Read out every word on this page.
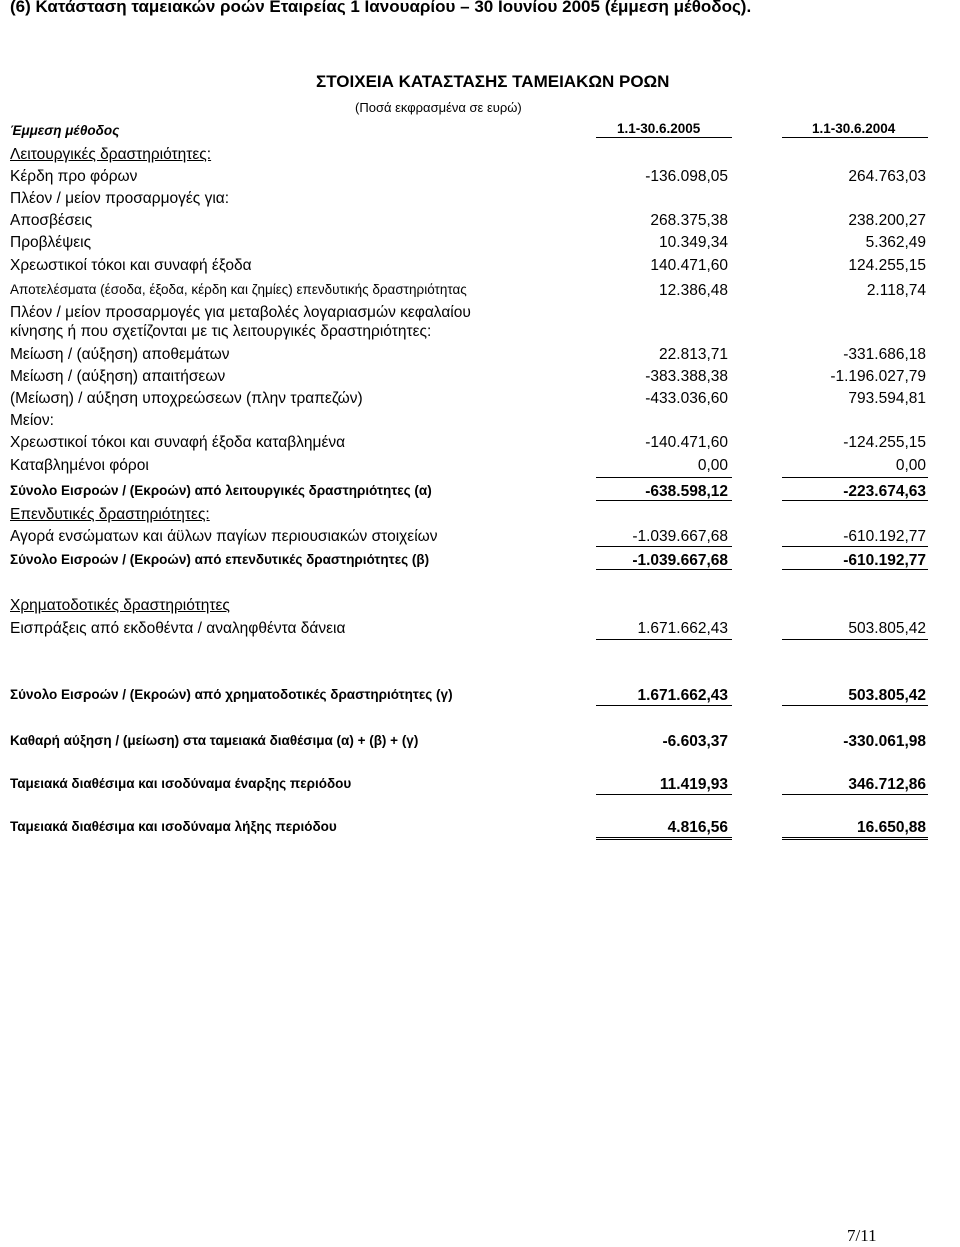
(6) Κατάσταση ταμειακών ροών Εταιρείας 1 Ιανουαρίου – 30 Ιουνίου 2005 (έμμεση μέθοδος).
ΣΤΟΙΧΕΙΑ ΚΑΤΑΣΤΑΣΗΣ ΤΑΜΕΙΑΚΩΝ ΡΟΩΝ
(Ποσά εκφρασμένα σε ευρώ)
Έμμεση μέθοδος	1.1-30.6.2005	1.1-30.6.2004
Λειτουργικές δραστηριότητες:
Κέρδη προ φόρων	-136.098,05	264.763,03
Πλέον / μείον προσαρμογές για:
Αποσβέσεις	268.375,38	238.200,27
Προβλέψεις	10.349,34	5.362,49
Χρεωστικοί τόκοι και συναφή έξοδα	140.471,60	124.255,15
Αποτελέσματα (έσοδα, έξοδα, κέρδη και ζημίες) επενδυτικής δραστηριότητας	12.386,48	2.118,74
Πλέον / μείον προσαρμογές για μεταβολές λογαριασμών κεφαλαίου
κίνησης ή που σχετίζονται με τις λειτουργικές δραστηριότητες:
Μείωση / (αύξηση) αποθεμάτων	22.813,71	-331.686,18
Μείωση / (αύξηση) απαιτήσεων	-383.388,38	-1.196.027,79
(Μείωση) / αύξηση υποχρεώσεων (πλην τραπεζών)	-433.036,60	793.594,81
Μείον:
Χρεωστικοί τόκοι και συναφή έξοδα καταβλημένα	-140.471,60	-124.255,15
Καταβλημένοι φόροι	0,00	0,00
Σύνολο Εισροών / (Εκροών) από λειτουργικές δραστηριότητες (α)	-638.598,12	-223.674,63
Επενδυτικές δραστηριότητες:
Αγορά ενσώματων και άϋλων παγίων περιουσιακών στοιχείων	-1.039.667,68	-610.192,77
Σύνολο Εισροών / (Εκροών) από επενδυτικές δραστηριότητες (β)	-1.039.667,68	-610.192,77
Χρηματοδοτικές δραστηριότητες
Εισπράξεις από εκδοθέντα / αναληφθέντα δάνεια	1.671.662,43	503.805,42
Σύνολο Εισροών / (Εκροών) από χρηματοδοτικές δραστηριότητες (γ)	1.671.662,43	503.805,42
Καθαρή αύξηση / (μείωση) στα ταμειακά διαθέσιμα (α) + (β) + (γ)	-6.603,37	-330.061,98
Ταμειακά διαθέσιμα και ισοδύναμα έναρξης περιόδου	11.419,93	346.712,86
Ταμειακά διαθέσιμα και ισοδύναμα λήξης περιόδου	4.816,56	16.650,88
7/11
